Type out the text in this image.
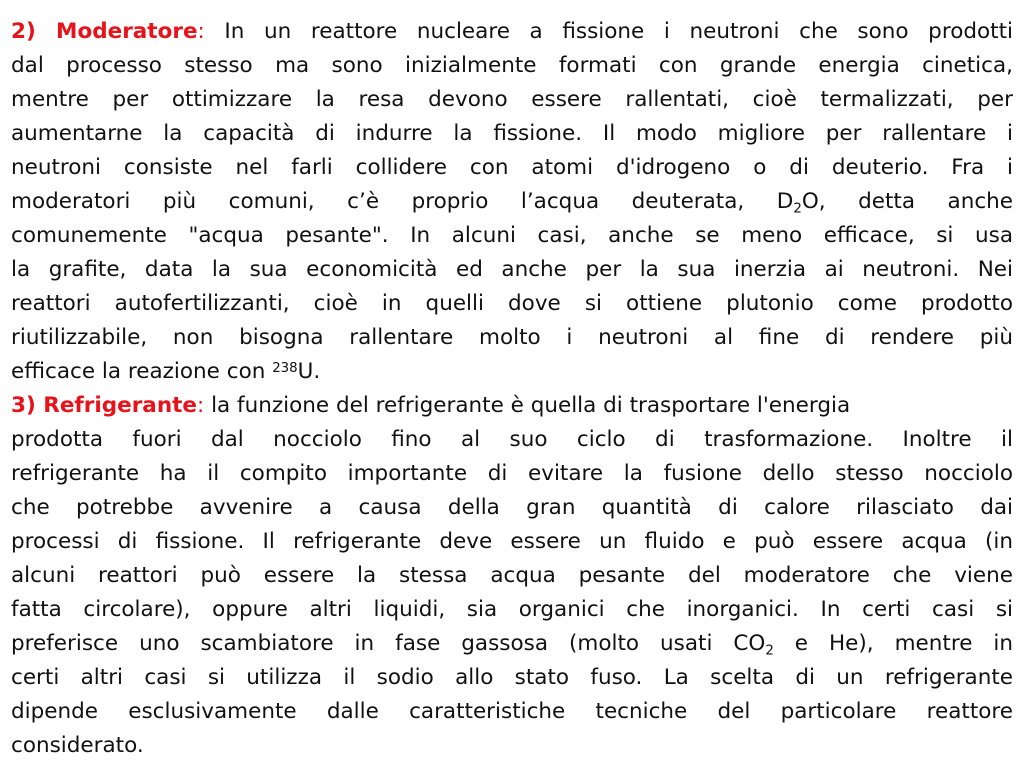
2) Moderatore: In un reattore nucleare a fissione i neutroni che sono prodotti
dal processo stesso ma sono inizialmente formati con grande energia cinetica,
mentre per ottimizzare la resa devono essere rallentati, cioè termalizzati, per
aumentarne la capacità di indurre la fissione. Il modo migliore per rallentare i
neutroni consiste nel farli collidere con atomi d'idrogeno o di deuterio. Fra i
moderatori più comuni, c’è proprio l’acqua deuterata, $D_2O$, detta anche
comunemente "acqua pesante". In alcuni casi, anche se meno efficace, si usa
la grafite, data la sua economicità ed anche per la sua inerzia ai neutroni. Nei
reattori autofertilizzanti, cioè in quelli dove si ottiene plutonio come prodotto
riutilizzabile, non bisogna rallentare molto i neutroni al fine di rendere più
efficace la reazione con $^{238}$U.
3) Refrigerante: la funzione del refrigerante è quella di trasportare l'energia
prodotta fuori dal nocciolo fino al suo ciclo di trasformazione. Inoltre il
refrigerante ha il compito importante di evitare la fusione dello stesso nocciolo
che potrebbe avvenire a causa della gran quantità di calore rilasciato dai
processi di fissione. Il refrigerante deve essere un fluido e può essere acqua (in
alcuni reattori può essere la stessa acqua pesante del moderatore che viene
fatta circolare), oppure altri liquidi, sia organici che inorganici. In certi casi si
preferisce uno scambiatore in fase gassosa (molto usati $CO_2$ e He), mentre in
certi altri casi si utilizza il sodio allo stato fuso. La scelta di un refrigerante
dipende esclusivamente dalle caratteristiche tecniche del particolare reattore
considerato.
